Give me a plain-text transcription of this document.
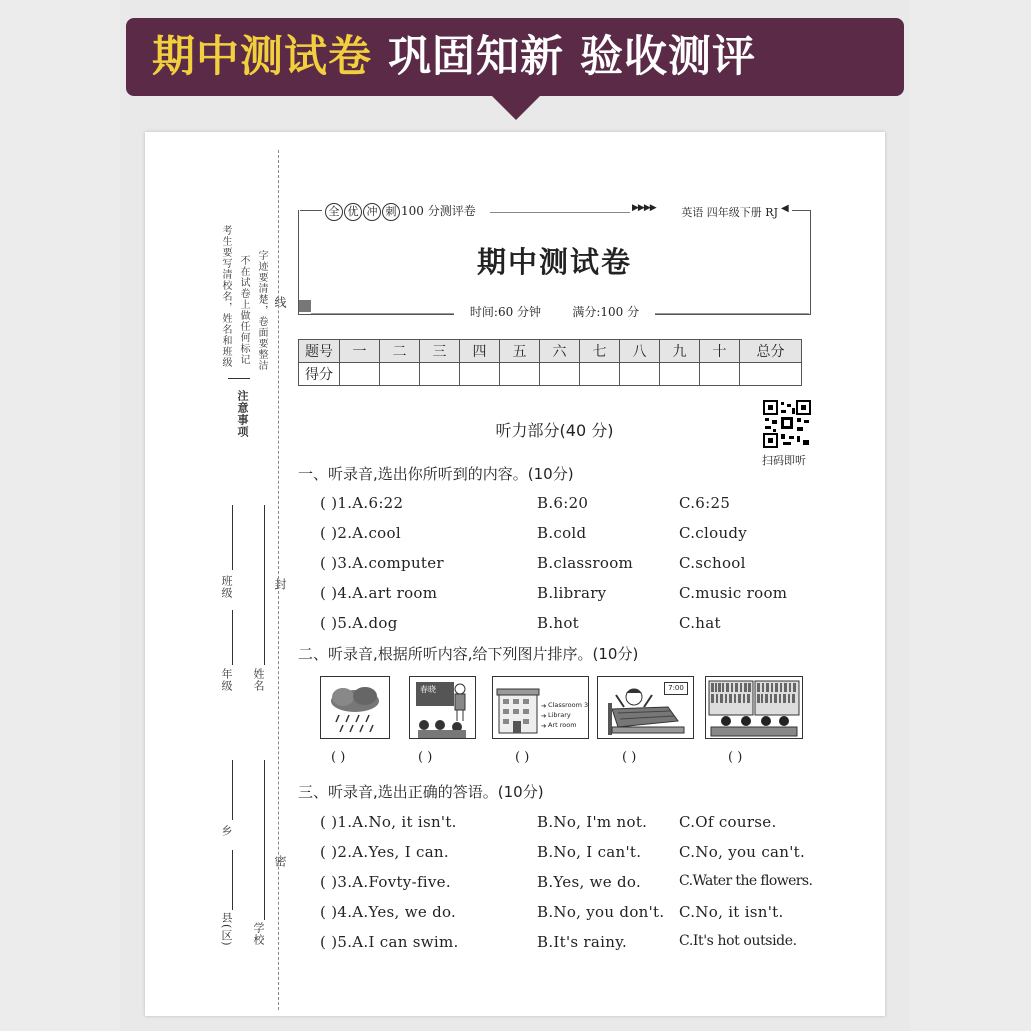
期中测试卷 巩固知新 验收测评
考生要写清校名，姓名和班级 不在试卷上做任何标记 字迹要清楚，卷面要整洁
注意事项
线
封
密
班级
年级
乡
县(区)
姓名
学校
全 优 冲 刺 100 分测评卷	▶▶▶▶ 英语 四年级下册 RJ ◀
期中测试卷
时间:60 分钟	满分:100 分
题号	一	二	三	四	五	六	七	八	九	十	总分
得分											
扫码即听
听力部分(40 分)
一、听录音,选出你所听到的内容。(10分)
( )1.A.6:22	B.6:20	C.6:25
( )2.A.cool	B.cold	C.cloudy
( )3.A.computer	B.classroom	C.school
( )4.A.art room	B.library	C.music room
( )5.A.dog	B.hot	C.hat
二、听录音,根据所听内容,给下列图片排序。(10分)
春晓
➔
➔
➔
Classroom 3
Library
Art room
7:00
( )	( )	( )	( )	( )
三、听录音,选出正确的答语。(10分)
( )1.A.No, it isn't.	B.No, I'm not. C.Of course.
( )2.A.Yes, I can.	B.No, I can't.	C.No, you can't.
( )3.A.Fovty-five.	B.Yes, we do.	C.Water the flowers.
( )4.A.Yes, we do.	B.No, you don't. C.No, it isn't.
( )5.A.I can swim.	B.It's rainy.	C.It's hot outside.
